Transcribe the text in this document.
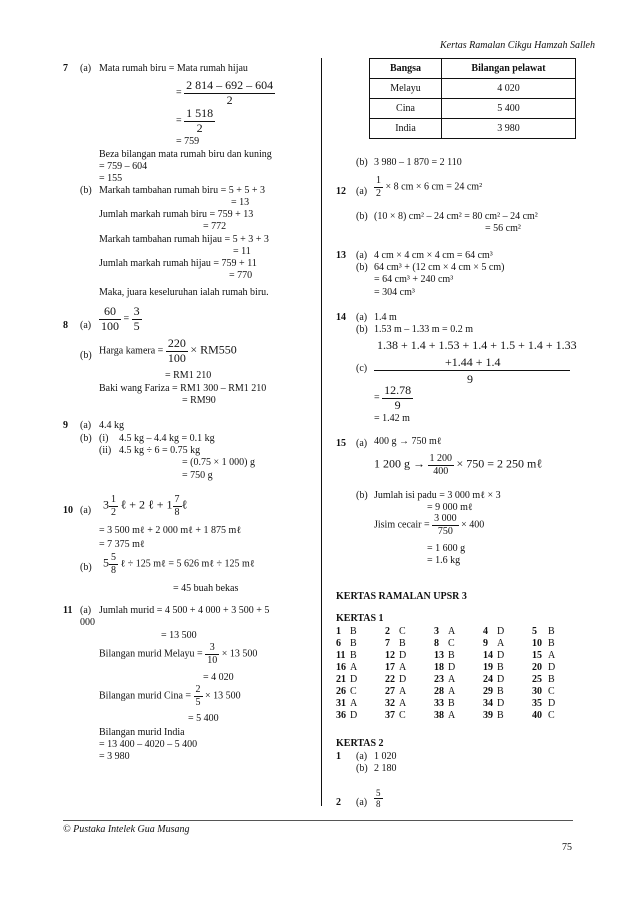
Kertas Ramalan Cikgu Hamzah Salleh
7 (a) Mata rumah biru = Mata rumah hijau
= $\frac{2 814 - 692 - 604}{2}$
= $\frac{1 518}{2}$
= 759
Beza bilangan mata rumah biru dan kuning
= 759 – 604
= 155
(b) Markah tambahan rumah biru = 5 + 5 + 3
= 13
Jumlah markah rumah biru = 759 + 13
= 772
Markah tambahan rumah hijau = 5 + 3 + 3
= 11
Jumlah markah rumah hijau = 759 + 11
= 770
Maka, juara keseluruhan ialah rumah biru.
8 $(a) \frac{60}{100} = \frac{3}{5}$
(b) Harga kamera = $\frac{220}{100} \times RM550$
= RM1 210
Baki wang Fariza = RM1 300 – RM1 210
= RM90
9 (a) 4.4 kg
(b) (i) 4.5 kg – 4.4 kg = 0.1 kg
(ii) 4.5 kg ÷ 6 = 0.75 kg
= (0.75 × 1 000) g
= 750 g
10 (a) $3 \frac{1}{2}$ ℓ + 2 ℓ + $1 \frac{7}{8}$ ℓ
= 3 500 mℓ + 2 000 mℓ + 1 875 mℓ
= 7 375 mℓ
(b) $5 \frac{5}{8}$ ℓ ÷ 125 mℓ = 5 626 mℓ ÷ 125 mℓ
= 45 buah bekas
11 (a) Jumlah murid = 4 500 + 4 000 + 3 500 + 5
000
= 13 500
Bilangan murid Melayu = $\frac{3}{10} \times 13$ 500
= 4 020
Bilangan murid Cina = $\frac{2}{5} \times 13$ 500
= 5 400
Bilangan murid India
= 13 400 – 4020 – 5 400
= 3 980
Bangsa	Bilangan pelawat
Melayu	4 020
Cina	5 400
India	3 980
(b) 3 980 – 1 870 = 2 110
12 $(a) \frac{1}{2} \times 8$ cm × 6 cm = 24 cm²
(b) (10 × 8) cm² – 24 cm² = 80 cm² – 24 cm²
= 56 cm²
13 (a) 4 cm × 4 cm × 4 cm = 64 cm³
(b) 64 cm³ + (12 cm × 4 cm × 5 cm)
= 64 cm³ + 240 cm³
= 304 cm³
14 (a) 1.4 m
(b) 1.53 m – 1.33 m = 0.2 m
(c)
1.38 + 1.4 + 1.53 + 1.4 + 1.5 + 1.4 + 1.33
+1.44 + 1.4
9
= $\frac{12.78}{9}$
= 1.42 m
15 (a) 400 g → 750 mℓ
1 200 $g \to \frac{1 200}{400} \times 750 = 2$ 250 mℓ
(b) Jumlah isi padu = 3 000 mℓ × 3
= 9 000 mℓ
Jisim cecair = $\frac{3 000}{750} \times 400$
= 1 600 g
= 1.6 kg
KERTAS RAMALAN UPSR 3
KERTAS 1
1 B	2 C	3 A	4 D	5 B
6 B	7 B	8 C	9 A	10 B
11 B	12 D	13 B	14 D	15 A
16 A	17 A	18 D	19 B	20 D
21 D	22 D	23 A	24 D	25 B
26 C	27 A	28 A	29 B	30 C
31 A	32 A	33 B	34 D	35 D
36 D	37 C	38 A	39 B	40 C
KERTAS 2
1 (a) 1 020
(b) 2 180
2 $(a) \frac{5}{8}$
© Pustaka Intelek Gua Musang
75
